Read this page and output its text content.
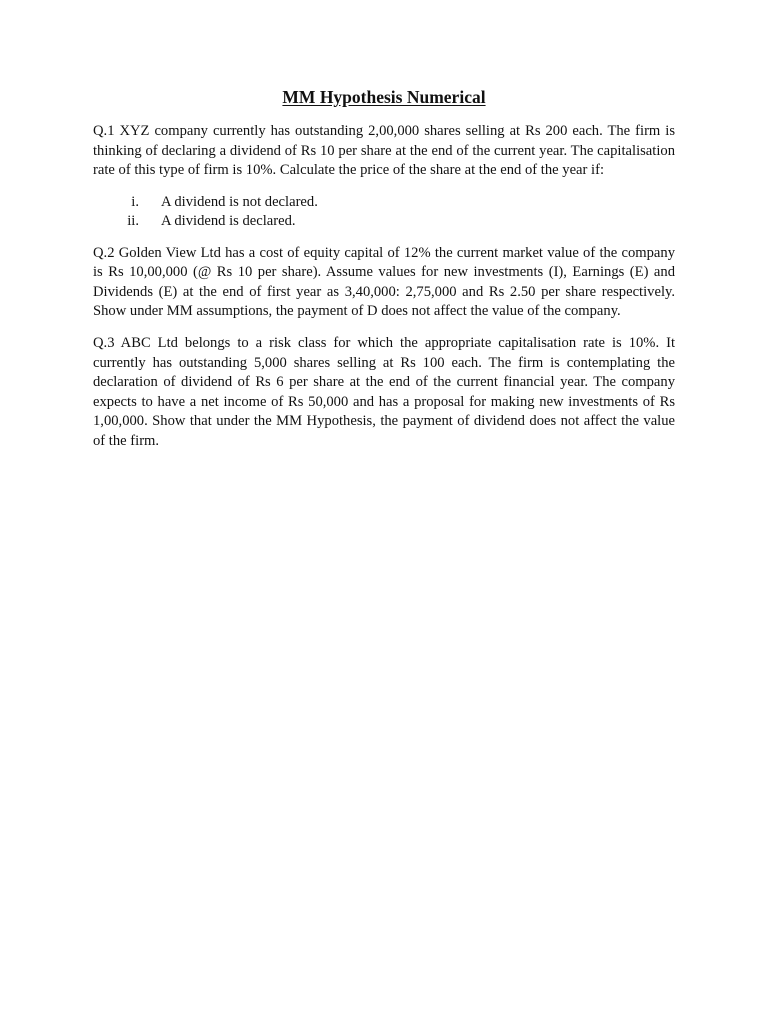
MM Hypothesis Numerical

Q.1 XYZ company currently has outstanding 2,00,000 shares selling at Rs 200 each. The firm is thinking of declaring a dividend of Rs 10 per share at the end of the current year. The capitalisation rate of this type of firm is 10%. Calculate the price of the share at the end of the year if:

i.	A dividend is not declared.
ii.	A dividend is declared.

Q.2 Golden View Ltd has a cost of equity capital of 12% the current market value of the company is Rs 10,00,000 (@ Rs 10 per share). Assume values for new investments (I), Earnings (E) and Dividends (E) at the end of first year as 3,40,000: 2,75,000 and Rs 2.50 per share respectively. Show under MM assumptions, the payment of D does not affect the value of the company.

Q.3 ABC Ltd belongs to a risk class for which the appropriate capitalisation rate is 10%. It currently has outstanding 5,000 shares selling at Rs 100 each. The firm is contemplating the declaration of dividend of Rs 6 per share at the end of the current financial year. The company expects to have a net income of Rs 50,000 and has a proposal for making new investments of Rs 1,00,000. Show that under the MM Hypothesis, the payment of dividend does not affect the value of the firm.
